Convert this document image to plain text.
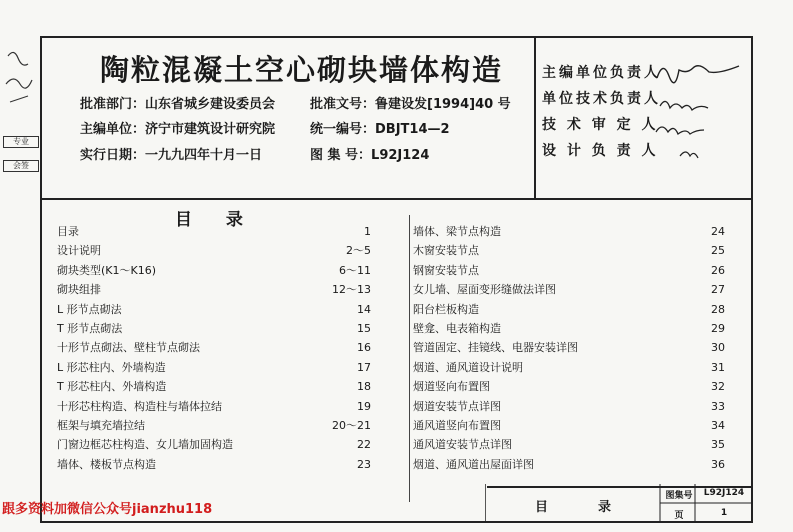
专业
会签
陶粒混凝土空心砌块墙体构造
批准部门：山东省城乡建设委员会	批准文号：鲁建设发[1994]40 号
主编单位：济宁市建筑设计研究院	统一编号：DBJT14—2
实行日期：一九九四年十月一日	图 集 号：L92J124
主编单位负责人
单位技术负责人
技 术 审 定 人
设 计 负 责 人
目 录
目录	1
设计说明	2～5
砌块类型(K1～K16)	6～11
砌块组排	12～13
L 形节点砌法	14
T 形节点砌法	15
十形节点砌法、壁柱节点砌法	16
L 形芯柱内、外墙构造	17
T 形芯柱内、外墙构造	18
十形芯柱构造、构造柱与墙体拉结	19
框架与填充墙拉结	20～21
门窗边框芯柱构造、女儿墙加固构造	22
墙体、楼板节点构造	23
墙体、梁节点构造	24
木窗安装节点	25
钢窗安装节点	26
女儿墙、屋面变形缝做法详图	27
阳台栏板构造	28
壁龛、电表箱构造	29
管道固定、挂镜线、电器安装详图	30
烟道、通风道设计说明	31
烟道竖向布置图	32
烟道安装节点详图	33
通风道竖向布置图	34
通风道安装节点详图	35
烟道、通风道出屋面详图	36
目	录
图集号	L92J124
页	1
跟多资料加微信公众号jianzhu118
